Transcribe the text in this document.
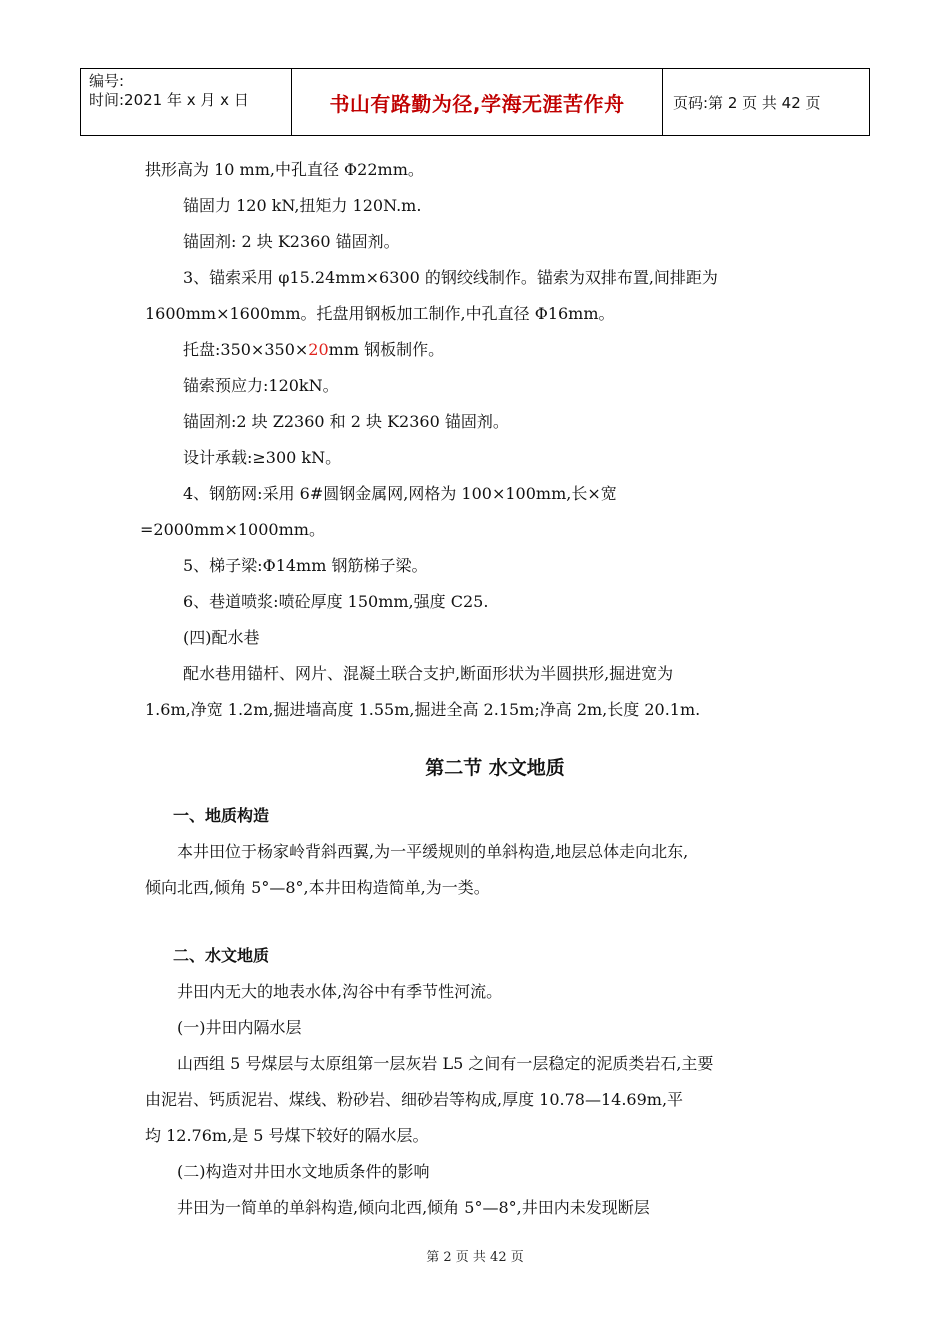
编号:
时间:2021 年 x 月 x 日	书山有路勤为径,学海无涯苦作舟	页码:第 2 页 共 42 页

拱形高为 10 mm,中孔直径 Φ22mm。

锚固力 120 kN,扭矩力 120N.m.

锚固剂: 2 块 K2360 锚固剂。

3、锚索采用 φ15.24mm×6300 的钢绞线制作。锚索为双排布置,间排距为

1600mm×1600mm。托盘用钢板加工制作,中孔直径 Φ16mm。

托盘:350×350×20mm 钢板制作。

锚索预应力:120kN。

锚固剂:2 块 Z2360 和 2 块 K2360 锚固剂。

设计承载:≥300 kN。

4、钢筋网:采用 6#圆钢金属网,网格为 100×100mm,长×宽

=2000mm×1000mm。

5、梯子梁:Φ14mm 钢筋梯子梁。

6、巷道喷浆:喷砼厚度 150mm,强度 C25.

(四)配水巷

配水巷用锚杆、网片、混凝土联合支护,断面形状为半圆拱形,掘进宽为

1.6m,净宽 1.2m,掘进墙高度 1.55m,掘进全高 2.15m;净高 2m,长度 20.1m.

第二节 水文地质

一、地质构造

本井田位于杨家岭背斜西翼,为一平缓规则的单斜构造,地层总体走向北东,

倾向北西,倾角 5°—8°,本井田构造简单,为一类。

二、水文地质

井田内无大的地表水体,沟谷中有季节性河流。

(一)井田内隔水层

山西组 5 号煤层与太原组第一层灰岩 L5 之间有一层稳定的泥质类岩石,主要

由泥岩、钙质泥岩、煤线、粉砂岩、细砂岩等构成,厚度 10.78—14.69m,平

均 12.76m,是 5 号煤下较好的隔水层。

(二)构造对井田水文地质条件的影响

井田为一简单的单斜构造,倾向北西,倾角 5°—8°,井田内未发现断层

第 2 页 共 42 页
